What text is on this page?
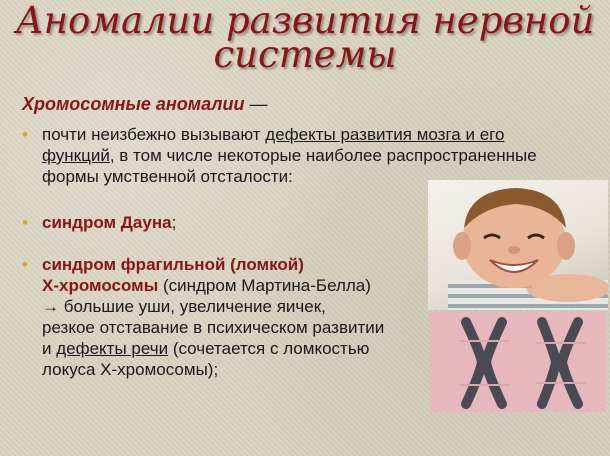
Аномалии развития нервной
системы
Хромосомные аномалии —
• почти неизбежно вызывают дефекты развития мозга и его
функций, в том числе некоторые наиболее распространенные
формы умственной отсталости:
• синдром Дауна;
• синдром фрагильной (ломкой)
Х-хромосомы (синдром Мартина-Белла)
→ большие уши, увеличение яичек,
резкое отставание в психическом развитии
и дефекты речи (сочетается с ломкостью
локуса Х-хромосомы);
